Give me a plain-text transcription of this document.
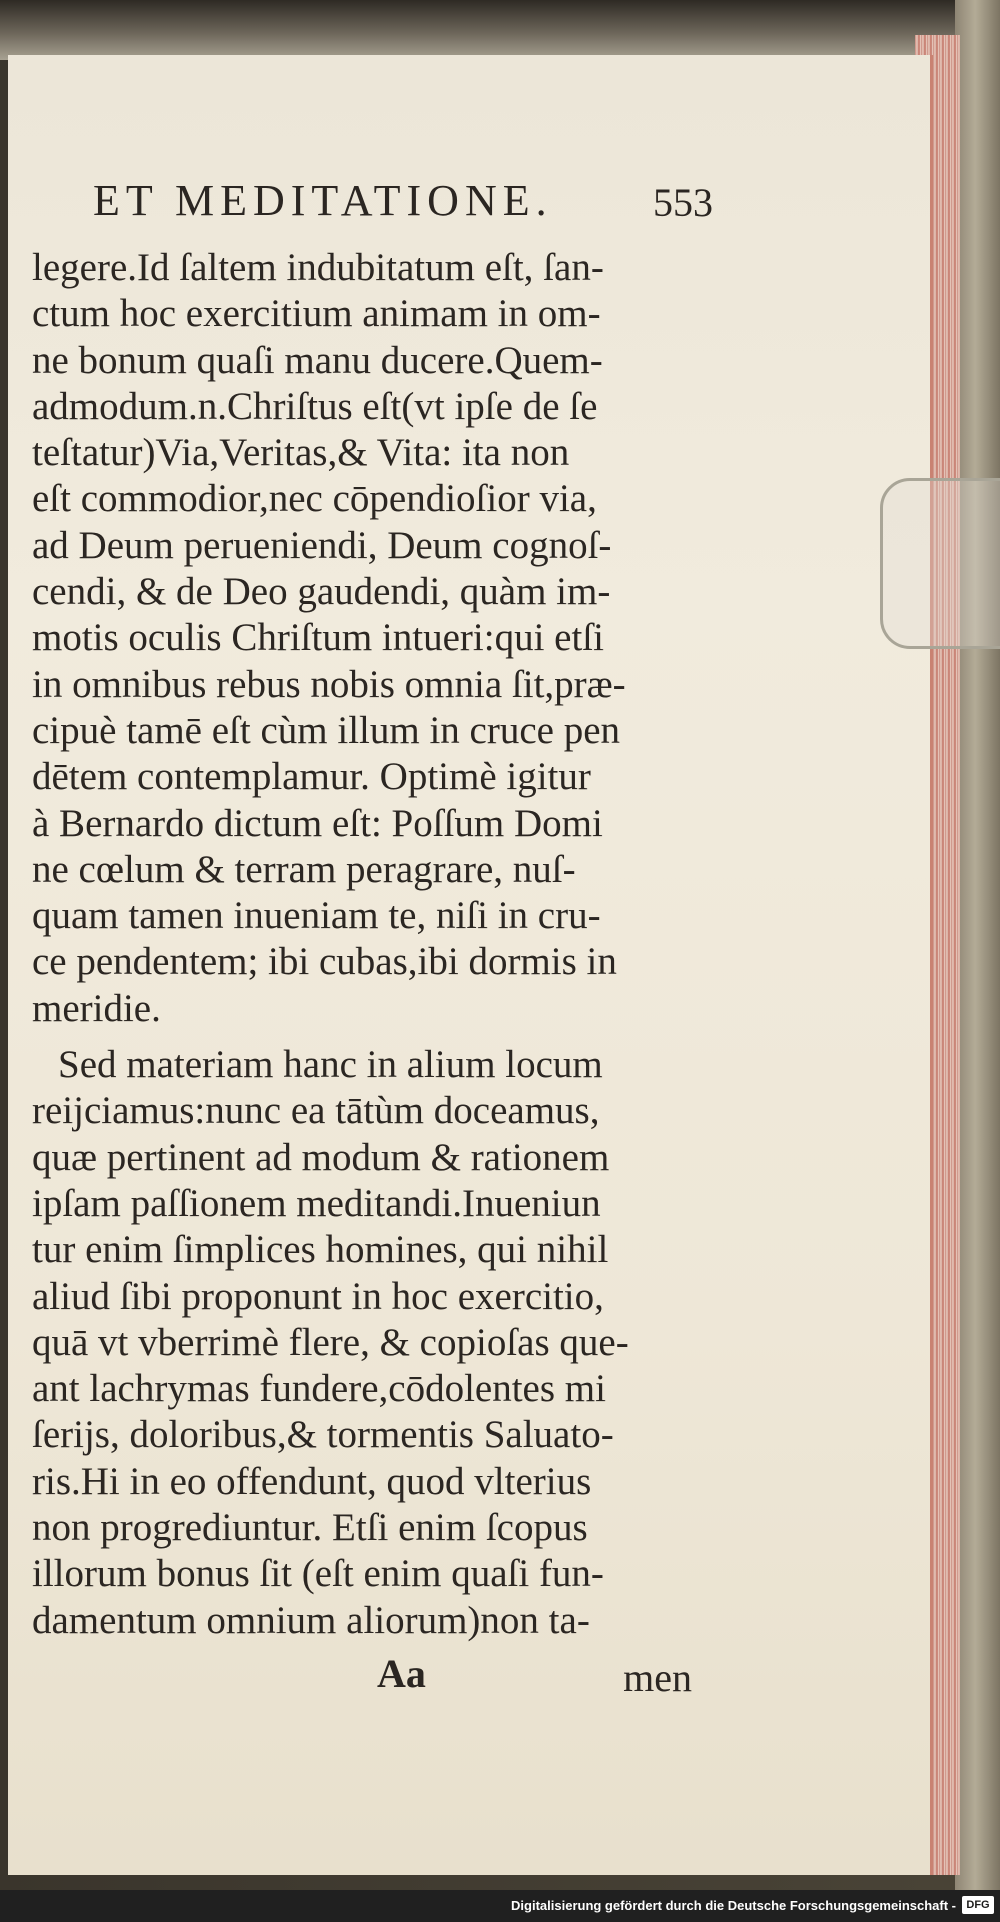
ET MEDITATIONE.	553
legere.Id ſaltem indubitatum eſt, ſan-
ctum hoc exercitium animam in om-
ne bonum quaſi manu ducere.Quem-
admodum.n.Chriſtus eſt(vt ipſe de ſe
teſtatur)Via,Veritas,& Vita: ita non
eſt commodior,nec cōpendioſior via,
ad Deum perueniendi, Deum cognoſ-
cendi, & de Deo gaudendi, quàm im-
motis oculis Chriſtum intueri:qui etſi
in omnibus rebus nobis omnia ſit,præ-
cipuè tamē eſt cùm illum in cruce pen
dētem contemplamur. Optimè igitur
à Bernardo dictum eſt: Poſſum Domi
ne cœlum & terram peragrare, nuſ-
quam tamen inueniam te, niſi in cru-
ce pendentem; ibi cubas,ibi dormis in
meridie.
Sed materiam hanc in alium locum
reijciamus:nunc ea tātùm doceamus,
quæ pertinent ad modum & rationem
ipſam paſſionem meditandi.Inueniun
tur enim ſimplices homines, qui nihil
aliud ſibi proponunt in hoc exercitio,
quā vt vberrimè flere, & copioſas que-
ant lachrymas fundere,cōdolentes mi
ſerijs, doloribus,& tormentis Saluato-
ris.Hi in eo offendunt, quod vlterius
non progrediuntur. Etſi enim ſcopus
illorum bonus ſit (eſt enim quaſi fun-
damentum omnium aliorum)non ta-
Aa	men
Digitalisierung gefördert durch die Deutsche Forschungsgemeinschaft - DFG
